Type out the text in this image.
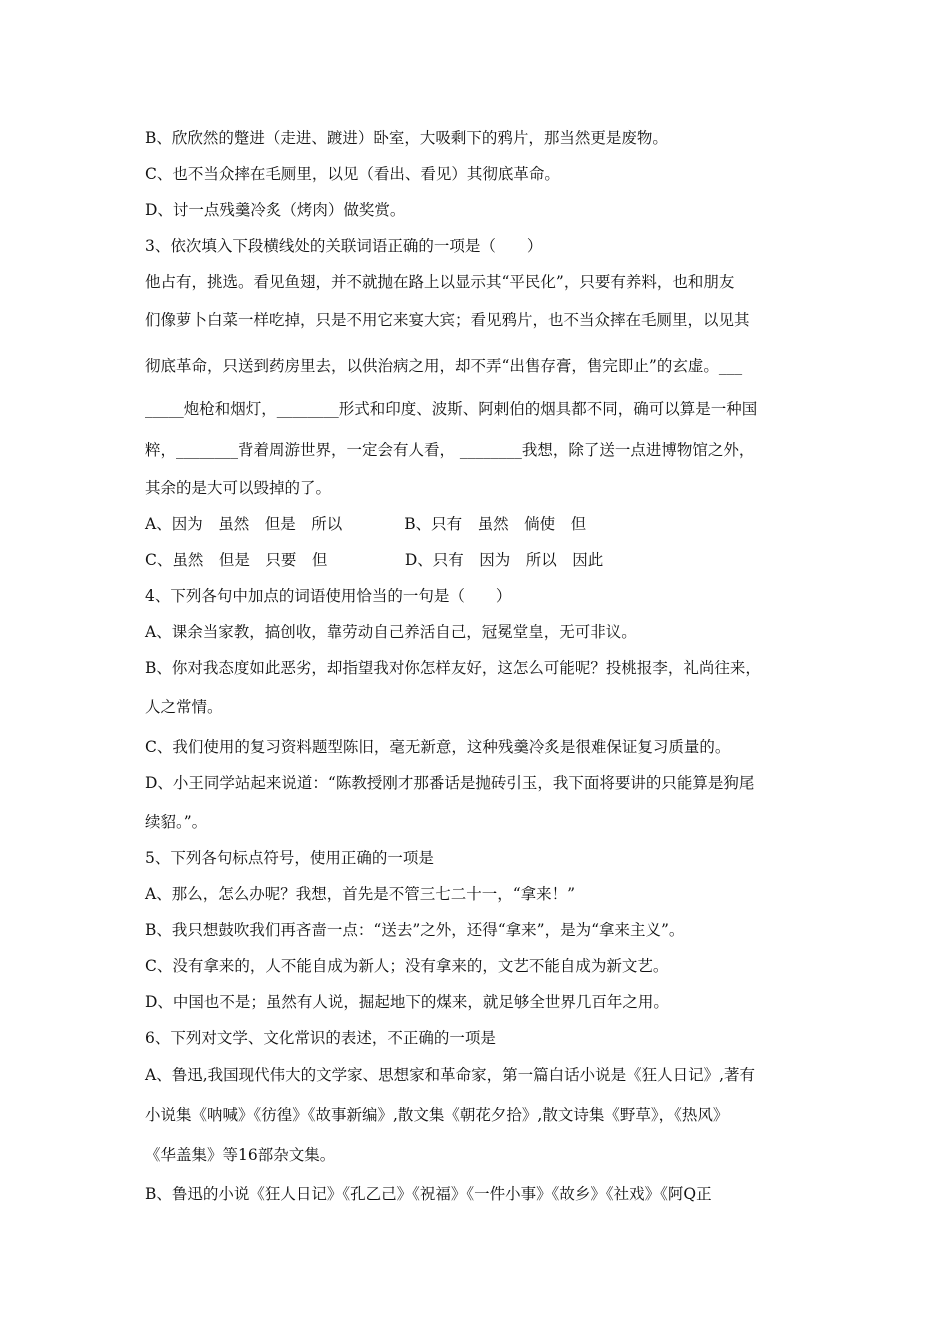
B、欣欣然的蹩进（走进、踱进）卧室，大吸剩下的鸦片，那当然更是废物。
C、也不当众摔在毛厕里，以见（看出、看见）其彻底革命。
D、讨一点残羹冷炙（烤肉）做奖赏。
3、依次填入下段横线处的关联词语正确的一项是（　　）
他占有，挑选。看见鱼翅，并不就抛在路上以显示其“平民化”，只要有养料，也和朋友
们像萝卜白菜一样吃掉，只是不用它来宴大宾；看见鸦片，也不当众摔在毛厕里，以见其
彻底革命，只送到药房里去，以供治病之用，却不弄“出售存膏，售完即止”的玄虚。___
_____炮枪和烟灯，________形式和印度、波斯、阿剌伯的烟具都不同，确可以算是一种国
粹，________背着周游世界，一定会有人看， ________我想，除了送一点进博物馆之外，
其余的是大可以毁掉的了。
A、因为　虽然　但是　所以　　　　B、只有　虽然　倘使　但
C、虽然　但是　只要　但　　　　　D、只有　因为　所以　因此
4、下列各句中加点的词语使用恰当的一句是（　　）
A、课余当家教，搞创收，靠劳动自己养活自己，冠冕堂皇，无可非议。
B、你对我态度如此恶劣，却指望我对你怎样友好，这怎么可能呢？投桃报李，礼尚往来，
人之常情。
C、我们使用的复习资料题型陈旧，毫无新意，这种残羹冷炙是很难保证复习质量的。
D、小王同学站起来说道：“陈教授刚才那番话是抛砖引玉，我下面将要讲的只能算是狗尾
续貂。”。
5、下列各句标点符号，使用正确的一项是
A、那么，怎么办呢？我想，首先是不管三七二十一，“拿来！”
B、我只想鼓吹我们再吝啬一点：“送去”之外，还得“拿来”，是为“拿来主义”。
C、没有拿来的，人不能自成为新人；没有拿来的，文艺不能自成为新文艺。
D、中国也不是；虽然有人说，掘起地下的煤来，就足够全世界几百年之用。
6、下列对文学、文化常识的表述，不正确的一项是
A、鲁迅,我国现代伟大的文学家、思想家和革命家，第一篇白话小说是《狂人日记》,著有
小说集《呐喊》《彷徨》《故事新编》,散文集《朝花夕拾》,散文诗集《野草》，《热风》
《华盖集》等16部杂文集。
B、鲁迅的小说《狂人日记》《孔乙己》《祝福》《一件小事》《故乡》《社戏》《阿Q正
